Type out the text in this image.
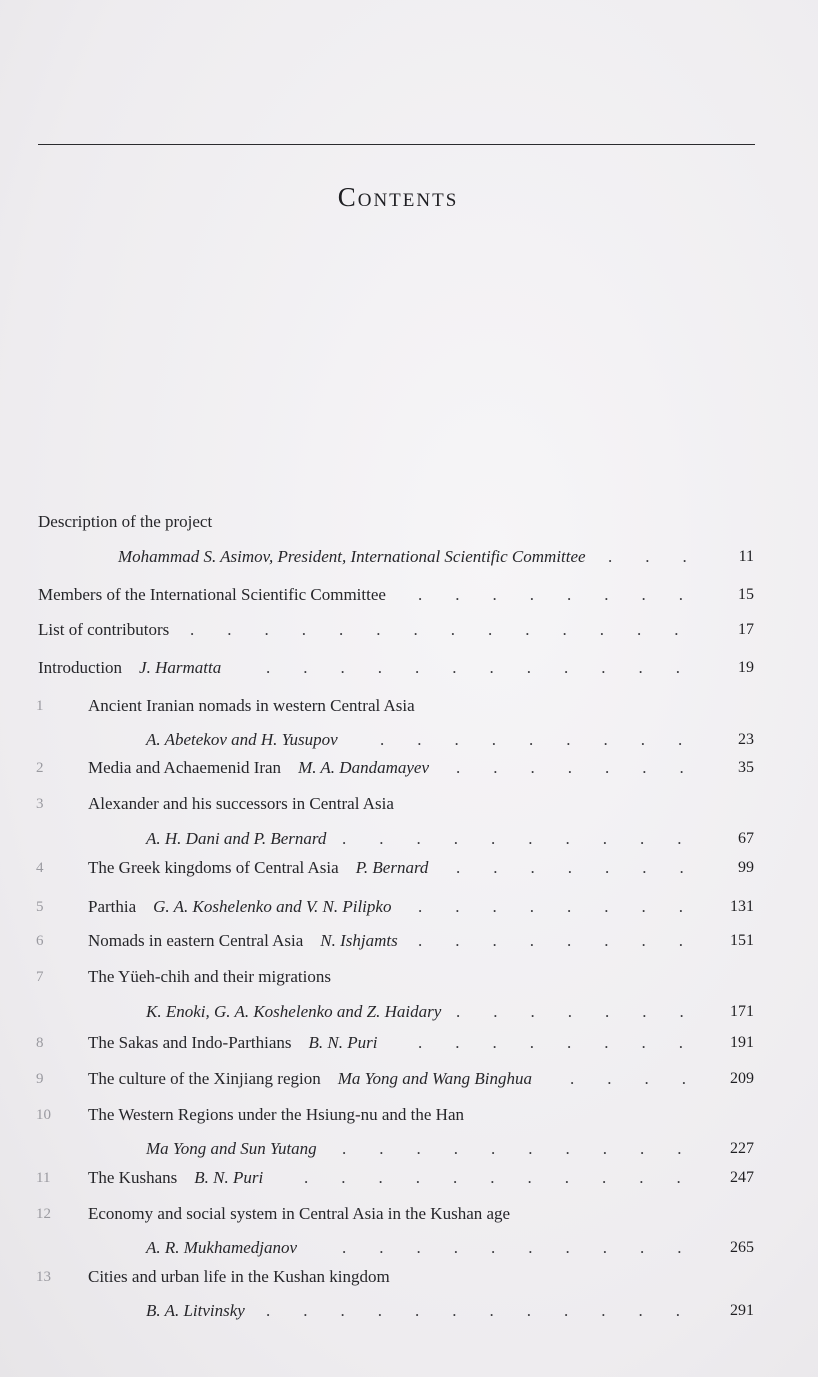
Contents
Description of the project
Mohammad S. Asimov, President, International Scientific Committee	11
...
Members of the International Scientific Committee	15
........
List of contributors	17
..............
Introduction   J. Harmatta	19
............
1	Ancient Iranian nomads in western Central Asia
A. Abetekov and H. Yusupov	23
.........
2	Media and Achaemenid Iran   M. A. Dandamayev	35
.......
3	Alexander and his successors in Central Asia
A. H. Dani and P. Bernard	67
..........
4	The Greek kingdoms of Central Asia   P. Bernard	99
.......
5	Parthia   G. A. Koshelenko and V. N. Pilipko	131
........
6	Nomads in eastern Central Asia   N. Ishjamts	151
........
7	The Yüeh-chih and their migrations
K. Enoki, G. A. Koshelenko and Z. Haidary	171
.......
8	The Sakas and Indo-Parthians   B. N. Puri	191
........
9	The culture of the Xinjiang region   Ma Yong and Wang Binghua	209
....
10 The Western Regions under the Hsiung-nu and the Han
Ma Yong and Sun Yutang	227
..........
11 The Kushans   B. N. Puri	247
...........
12 Economy and social system in Central Asia in the Kushan age
A. R. Mukhamedjanov	265
..........
13 Cities and urban life in the Kushan kingdom
B. A. Litvinsky	291
............
